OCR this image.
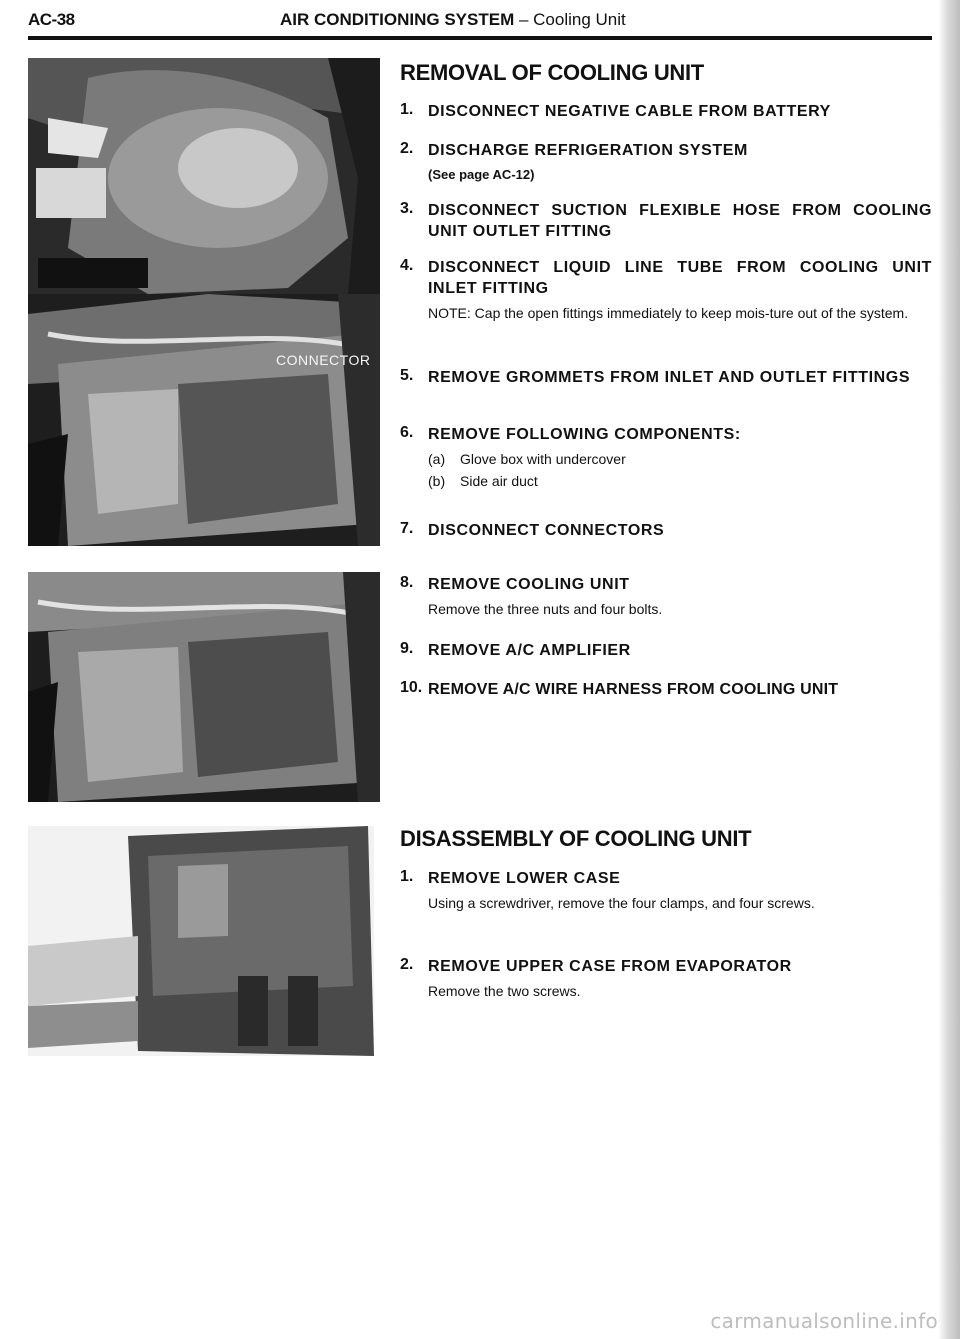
AC-38	AIR CONDITIONING SYSTEM – Cooling Unit
CONNECTOR
REMOVAL OF COOLING UNIT
1. DISCONNECT NEGATIVE CABLE FROM BATTERY
2. DISCHARGE REFRIGERATION SYSTEM
(See page AC-12)
3. DISCONNECT SUCTION FLEXIBLE HOSE FROM COOLING UNIT OUTLET FITTING
4. DISCONNECT LIQUID LINE TUBE FROM COOLING UNIT INLET FITTING
NOTE: Cap the open fittings immediately to keep mois-ture out of the system.
5. REMOVE GROMMETS FROM INLET AND OUTLET FITTINGS
6. REMOVE FOLLOWING COMPONENTS:
(a) Glove box with undercover
(b) Side air duct
7. DISCONNECT CONNECTORS
8. REMOVE COOLING UNIT
Remove the three nuts and four bolts.
9. REMOVE A/C AMPLIFIER
10. REMOVE A/C WIRE HARNESS FROM COOLING UNIT
DISASSEMBLY OF COOLING UNIT
1. REMOVE LOWER CASE
Using a screwdriver, remove the four clamps, and four screws.
2. REMOVE UPPER CASE FROM EVAPORATOR
Remove the two screws.
carmanualsonline.info
